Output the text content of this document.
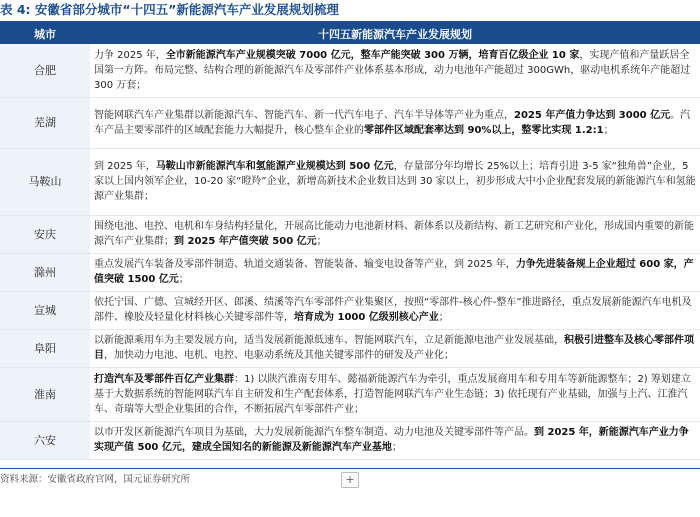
表 4: 安徽省部分城市“十四五”新能源汽车产业发展规划梳理
城市	十四五新能源汽车产业发展规划
合肥	力争 2025 年，全市新能源汽车产业规模突破 7000 亿元，整车产能突破 300 万辆，培育百亿级企业 10 家，实现产值和产量跃居全国第一方阵。布局完整、结构合理的新能源汽车及零部件产业体系基本形成，动力电池年产能超过 300GWh，驱动电机系统年产能超过 300 万套；
芜湖	智能网联汽车产业集群以新能源汽车、智能汽车、新一代汽车电子、汽车半导体等产业为重点，2025 年产值力争达到 3000 亿元。汽车产品主要零部件的区域配套能力大幅提升，核心整车企业的零部件区域配套率达到 90%以上，整零比实现 1.2:1；
马鞍山	到 2025 年，马鞍山市新能源汽车和氢能源产业规模达到 500 亿元，存量部分年均增长 25%以上；培育引进 3-5 家“独角兽”企业，5 家以上国内领军企业，10-20 家“瞪羚”企业，新增高新技术企业数目达到 30 家以上，初步形成大中小企业配套发展的新能源汽车和氢能源产业集群；
安庆	围绕电池、电控、电机和车身结构轻量化，开展高比能动力电池新材料、新体系以及新结构、新工艺研究和产业化，形成国内重要的新能源汽车产业集群；到 2025 年产值突破 500 亿元；
滁州	重点发展汽车装备及零部件制造、轨道交通装备、智能装备、输变电设备等产业，到 2025 年，力争先进装备规上企业超过 600 家，产值突破 1500 亿元；
宣城	依托宁国、广德、宣城经开区、郎溪、绩溪等汽车零部件产业集聚区，按照“零部件-核心件-整车”推进路径，重点发展新能源汽车电机及部件、橡胶及轻量化材料核心关键零部件等，培育成为 1000 亿级别核心产业；
阜阳	以新能源乘用车为主要发展方向，适当发展新能源低速车、智能网联汽车，立足新能源电池产业发展基础，积极引进整车及核心零部件项目，加快动力电池、电机、电控、电驱动系统及其他关键零部件的研发及产业化；
淮南	打造汽车及零部件百亿产业集群：1) 以陕汽淮南专用车、懿福新能源汽车为牵引，重点发展商用车和专用车等新能源整车；2) 筹划建立基于大数据系统的智能网联汽车自主研发和生产配套体系，打造智能网联汽车产业生态链；3) 依托现有产业基础，加强与上汽、江淮汽车、奇瑞等大型企业集团的合作，不断拓展汽车零部件产业；
六安	以市开发区新能源汽车项目为基础，大力发展新能源汽车整车制造、动力电池及关键零部件等产品。到 2025 年，新能源汽车产业力争实现产值 500 亿元，建成全国知名的新能源及新能源汽车产业基地；
资料来源：安徽省政府官网，国元证券研究所	+
